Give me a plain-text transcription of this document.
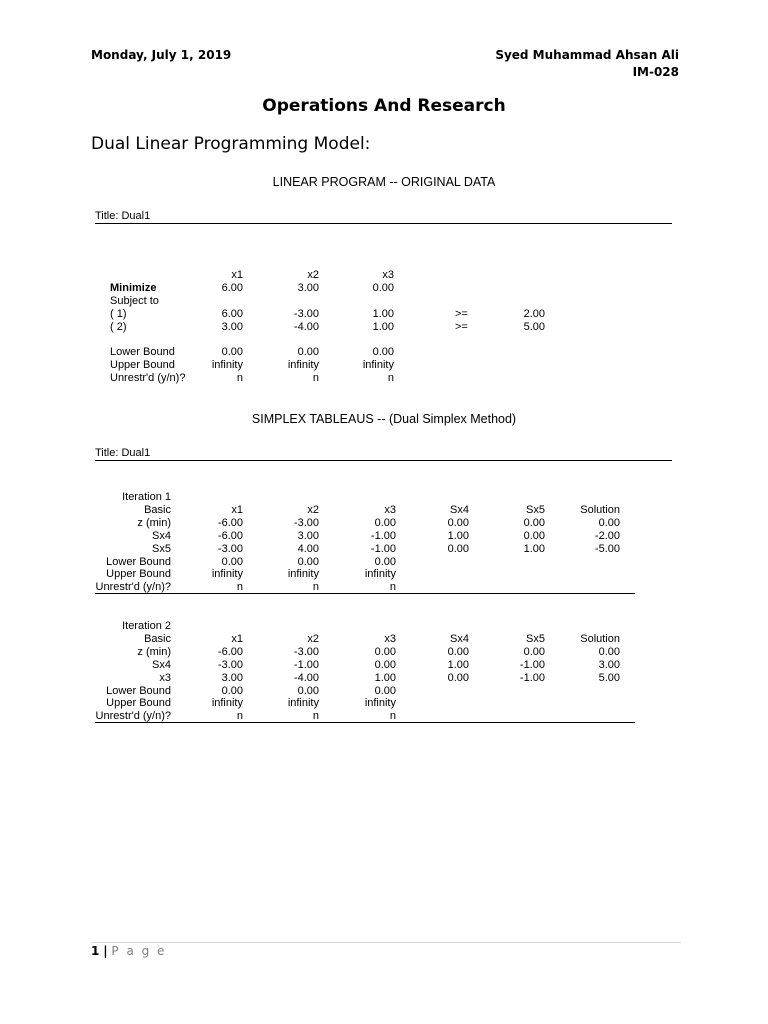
Monday, July 1, 2019	Syed Muhammad Ahsan Ali
IM-028
Operations And Research
Dual Linear Programming Model:
LINEAR PROGRAM -- ORIGINAL DATA
Title: Dual1
x1	x2	x3
Minimize	6.00	3.00	0.00
Subject to
( 1)	6.00	-3.00	1.00	>=	2.00
( 2)	3.00	-4.00	1.00	>=	5.00
Lower Bound	0.00	0.00	0.00
Upper Bound	infinity	infinity	infinity
Unrestr'd (y/n)?	n	n	n
SIMPLEX TABLEAUS -- (Dual Simplex Method)
Title: Dual1
Iteration 1
Basic	x1	x2	x3	Sx4	Sx5	Solution
z (min)	-6.00	-3.00	0.00	0.00	0.00	0.00
Sx4	-6.00	3.00	-1.00	1.00	0.00	-2.00
Sx5	-3.00	4.00	-1.00	0.00	1.00	-5.00
Lower Bound	0.00	0.00	0.00
Upper Bound	infinity	infinity	infinity
Unrestr'd (y/n)?	n	n	n
Iteration 2
Basic	x1	x2	x3	Sx4	Sx5	Solution
z (min)	-6.00	-3.00	0.00	0.00	0.00	0.00
Sx4	-3.00	-1.00	0.00	1.00	-1.00	3.00
x3	3.00	-4.00	1.00	0.00	-1.00	5.00
Lower Bound	0.00	0.00	0.00
Upper Bound	infinity	infinity	infinity
Unrestr'd (y/n)?	n	n	n
1 | P a g e
